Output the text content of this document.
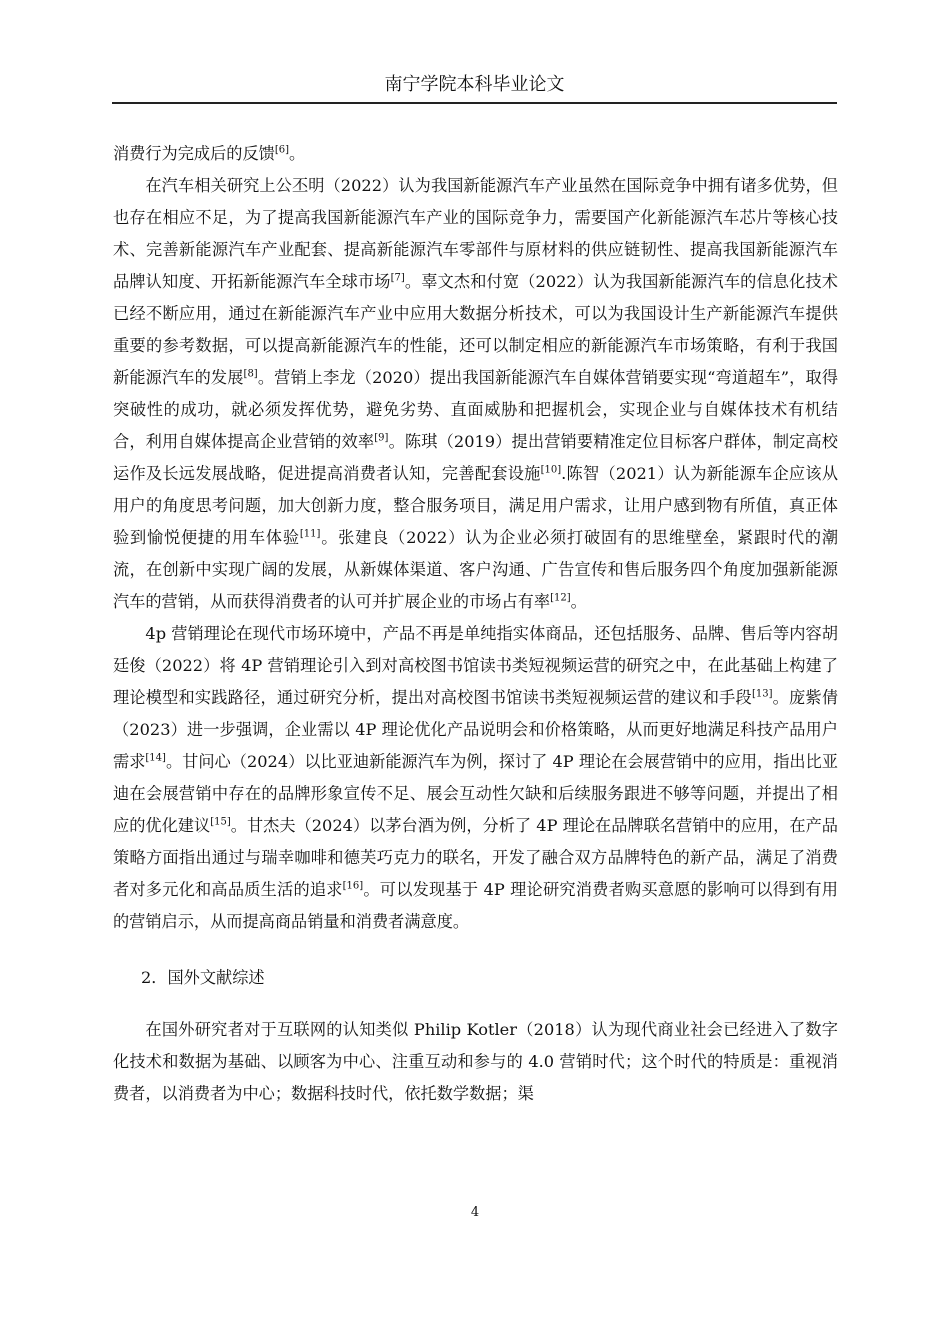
南宁学院本科毕业论文

消费行为完成后的反馈[6]。

在汽车相关研究上公丕明（2022）认为我国新能源汽车产业虽然在国际竞争中拥有诸多优势，但也存在相应不足，为了提高我国新能源汽车产业的国际竞争力，需要国产化新能源汽车芯片等核心技术、完善新能源汽车产业配套、提高新能源汽车零部件与原材料的供应链韧性、提高我国新能源汽车品牌认知度、开拓新能源汽车全球市场[7]。辜文杰和付宽（2022）认为我国新能源汽车的信息化技术已经不断应用，通过在新能源汽车产业中应用大数据分析技术，可以为我国设计生产新能源汽车提供重要的参考数据，可以提高新能源汽车的性能，还可以制定相应的新能源汽车市场策略，有利于我国新能源汽车的发展[8]。营销上李龙（2020）提出我国新能源汽车自媒体营销要实现“弯道超车”，取得突破性的成功，就必须发挥优势，避免劣势、直面威胁和把握机会，实现企业与自媒体技术有机结合，利用自媒体提高企业营销的效率[9]。陈琪（2019）提出营销要精准定位目标客户群体，制定高校运作及长远发展战略，促进提高消费者认知，完善配套设施[10].陈智（2021）认为新能源车企应该从用户的角度思考问题，加大创新力度，整合服务项目，满足用户需求，让用户感到物有所值，真正体验到愉悦便捷的用车体验[11]。张建良（2022）认为企业必须打破固有的思维壁垒，紧跟时代的潮流，在创新中实现广阔的发展，从新媒体渠道、客户沟通、广告宣传和售后服务四个角度加强新能源汽车的营销，从而获得消费者的认可并扩展企业的市场占有率[12]。

4p 营销理论在现代市场环境中，产品不再是单纯指实体商品，还包括服务、品牌、售后等内容胡廷俊（2022）将 4P 营销理论引入到对高校图书馆读书类短视频运营的研究之中，在此基础上构建了理论模型和实践路径，通过研究分析，提出对高校图书馆读书类短视频运营的建议和手段[13]。庞紫倩（2023）进一步强调，企业需以 4P 理论优化产品说明会和价格策略，从而更好地满足科技产品用户需求[14]。甘问心（2024）以比亚迪新能源汽车为例，探讨了 4P 理论在会展营销中的应用，指出比亚迪在会展营销中存在的品牌形象宣传不足、展会互动性欠缺和后续服务跟进不够等问题，并提出了相应的优化建议[15]。甘杰夫（2024）以茅台酒为例，分析了 4P 理论在品牌联名营销中的应用，在产品策略方面指出通过与瑞幸咖啡和德芙巧克力的联名，开发了融合双方品牌特色的新产品，满足了消费者对多元化和高品质生活的追求[16]。可以发现基于 4P 理论研究消费者购买意愿的影响可以得到有用的营销启示，从而提高商品销量和消费者满意度。

2．国外文献综述

在国外研究者对于互联网的认知类似 Philip Kotler（2018）认为现代商业社会已经进入了数字化技术和数据为基础、以顾客为中心、注重互动和参与的 4.0 营销时代；这个时代的特质是：重视消费者，以消费者为中心；数据科技时代，依托数学数据；渠

4
